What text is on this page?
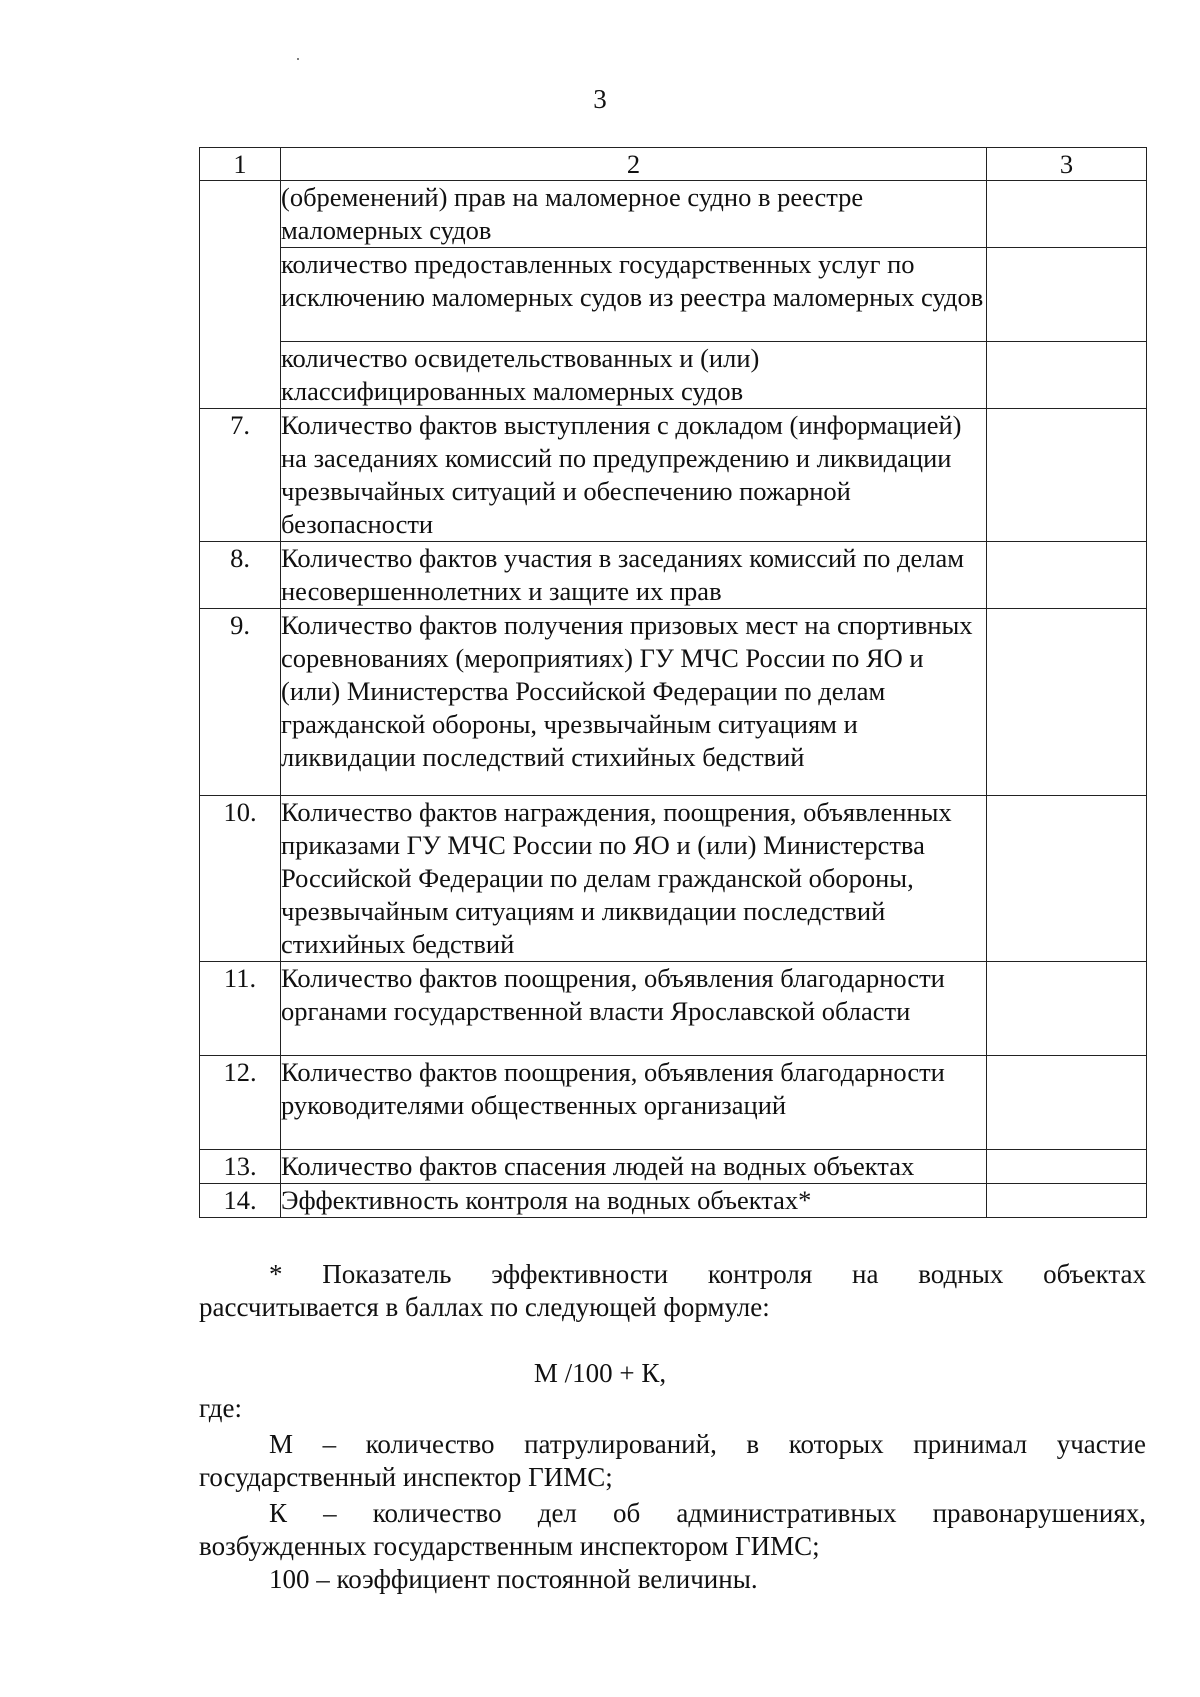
3
1	2	3
	(обременений) прав на маломерное судно в реестре маломерных судов	
	количество предоставленных государственных услуг по исключению маломерных судов из реестра маломерных судов	
	количество освидетельствованных и (или) классифицированных маломерных судов	
7.	Количество фактов выступления с докладом (информацией) на заседаниях комиссий по предупреждению и ликвидации чрезвычайных ситуаций и обеспечению пожарной безопасности	
8.	Количество фактов участия в заседаниях комиссий по делам несовершеннолетних и защите их прав	
9.	Количество фактов получения призовых мест на спортивных соревнованиях (мероприятиях) ГУ МЧС России по ЯО и (или) Министерства Российской Федерации по делам гражданской обороны, чрезвычайным ситуациям и ликвидации последствий стихийных бедствий	
10.	Количество фактов награждения, поощрения, объявленных приказами ГУ МЧС России по ЯО и (или) Министерства Российской Федерации по делам гражданской обороны, чрезвычайным ситуациям и ликвидации последствий стихийных бедствий	
11.	Количество фактов поощрения, объявления благодарности органами государственной власти Ярославской области	
12.	Количество фактов поощрения, объявления благодарности руководителями общественных организаций	
13.	Количество фактов спасения людей на водных объектах	
14.	Эффективность контроля на водных объектах*	
* Показатель эффективности контроля на водных объектах
рассчитывается в баллах по следующей формуле:
M /100 + К,
где:
M – количество патрулирований, в которых принимал участие
государственный инспектор ГИМС;
К – количество дел об административных правонарушениях,
возбужденных государственным инспектором ГИМС;
100 – коэффициент постоянной величины.
